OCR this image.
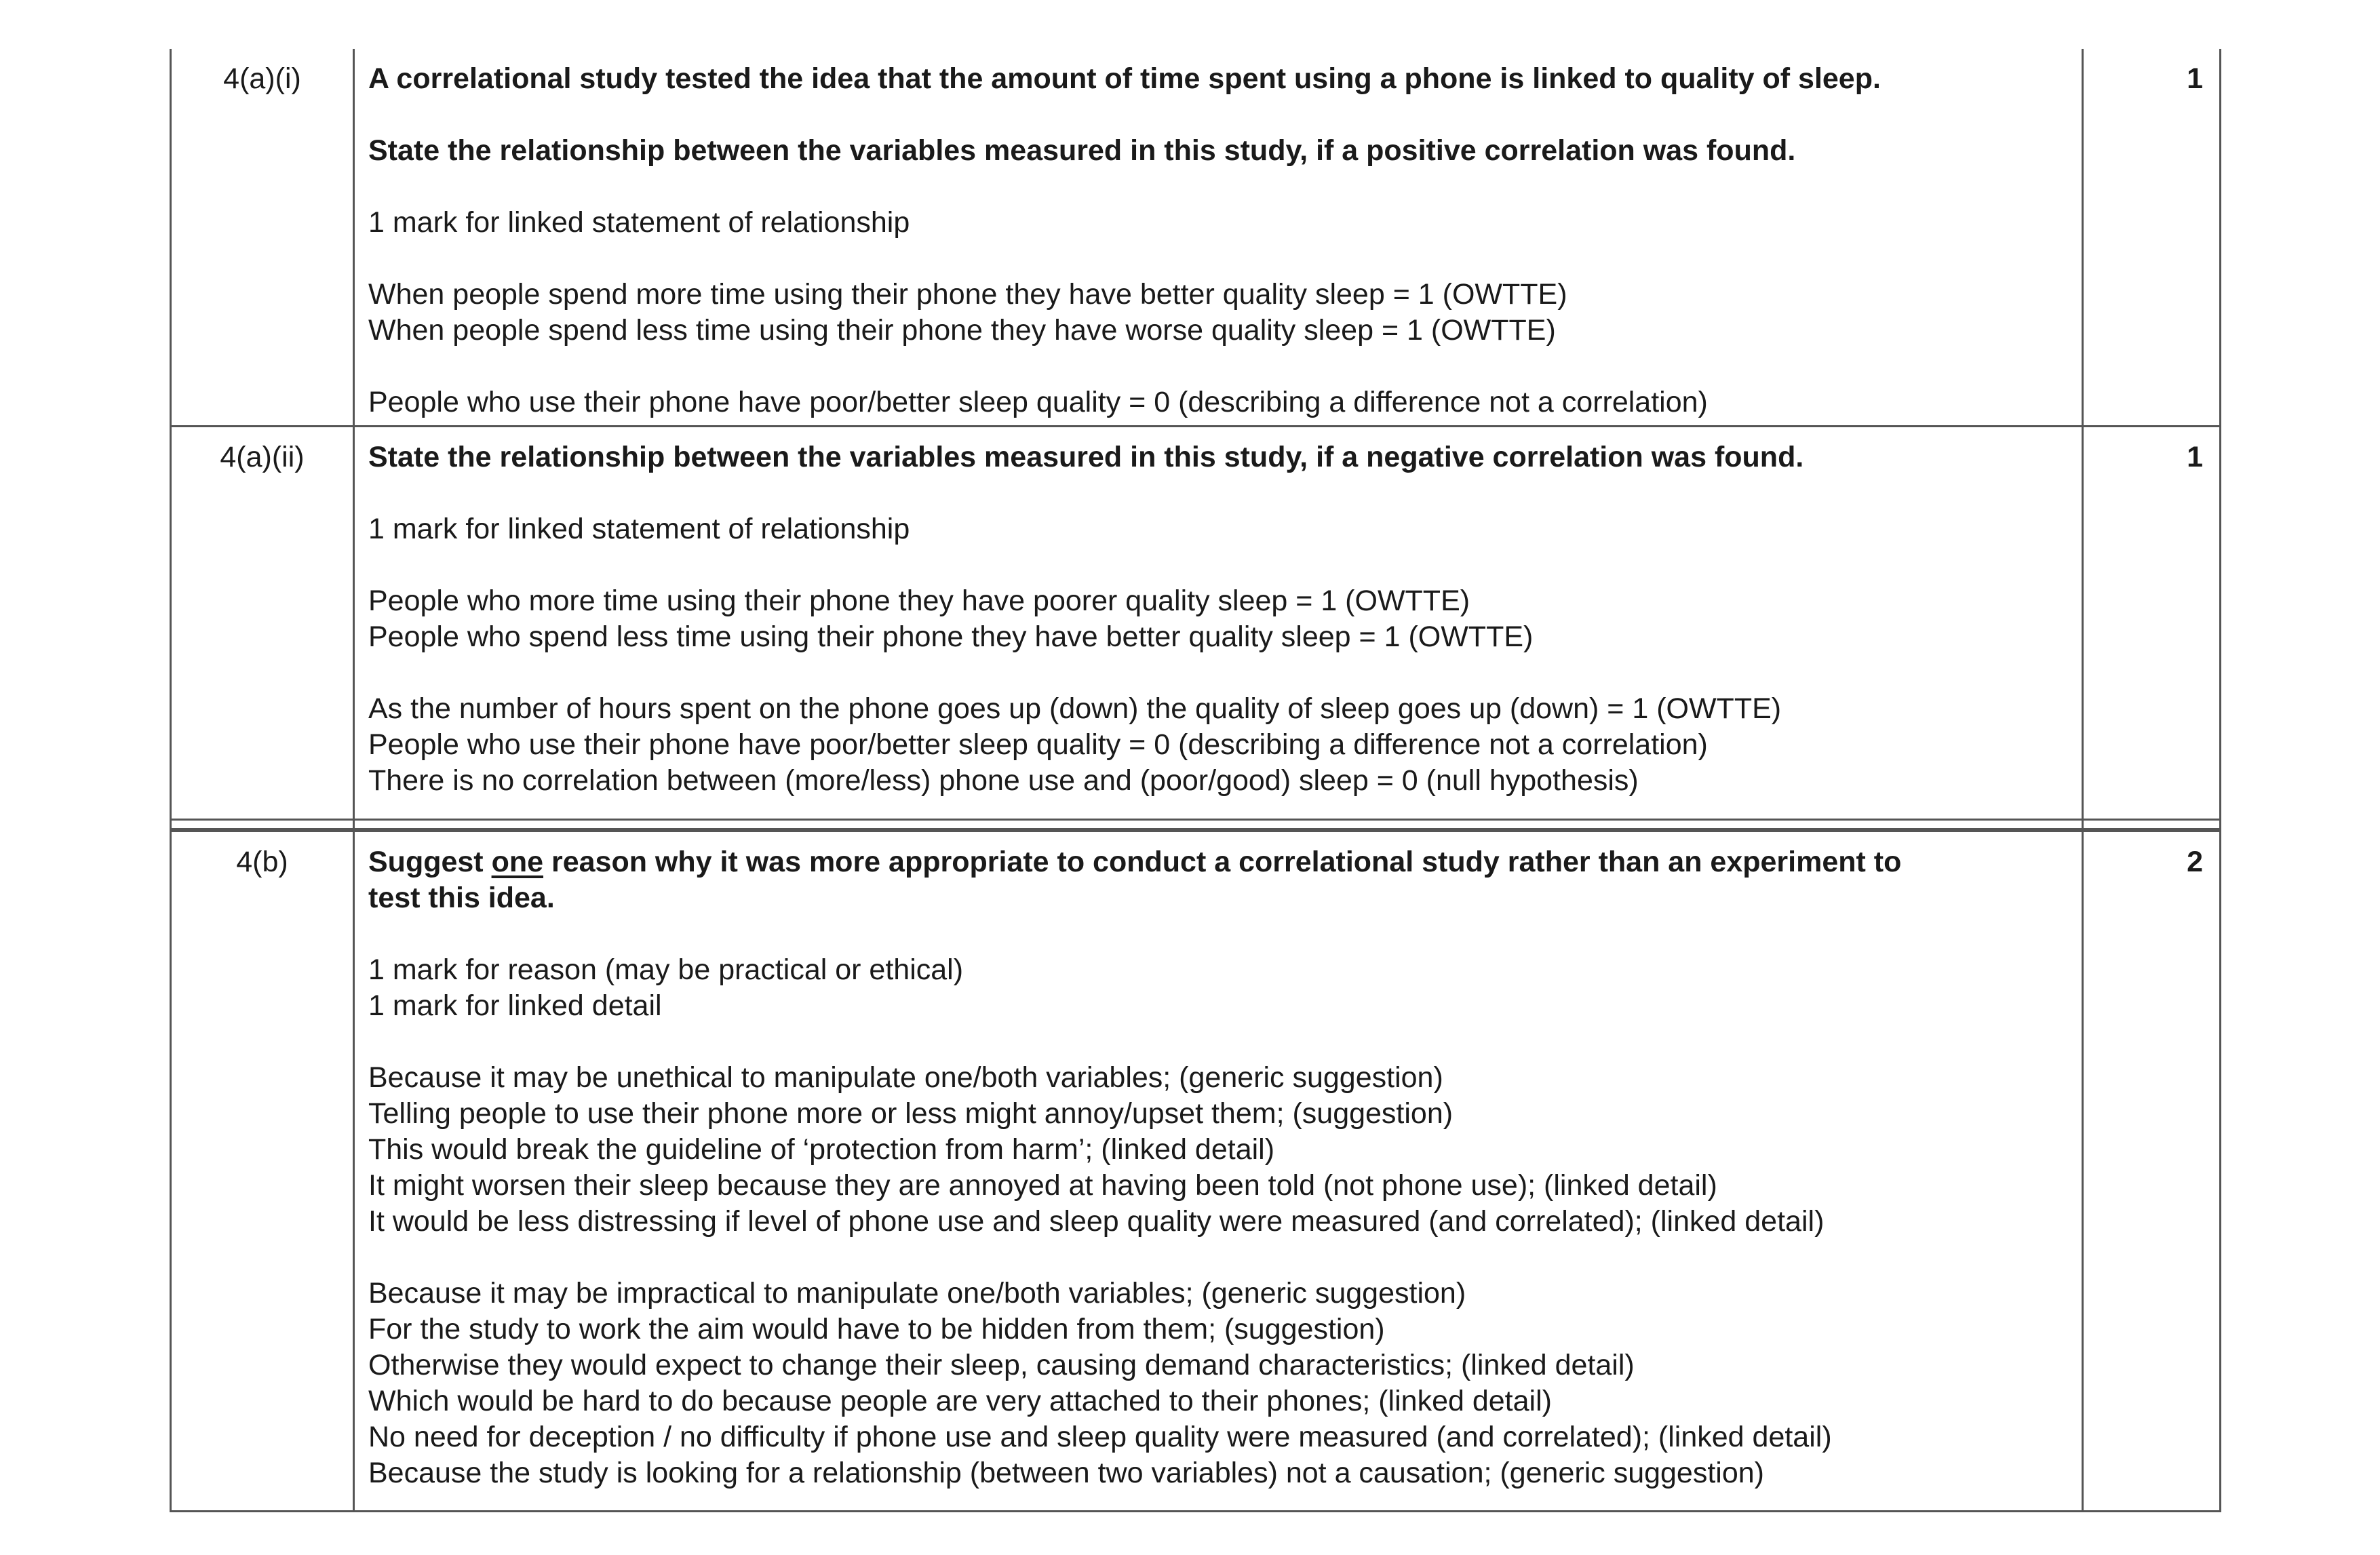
4(a)(i)	A correlational study tested the idea that the amount of time spent using a phone is linked to quality of sleep.
State the relationship between the variables measured in this study, if a positive correlation was found.
1 mark for linked statement of relationship
When people spend more time using their phone they have better quality sleep = 1 (OWTTE)
When people spend less time using their phone they have worse quality sleep = 1 (OWTTE)
People who use their phone have poor/better sleep quality = 0 (describing a difference not a correlation)
1
4(a)(ii)	State the relationship between the variables measured in this study, if a negative correlation was found.
1 mark for linked statement of relationship
People who more time using their phone they have poorer quality sleep = 1 (OWTTE)
People who spend less time using their phone they have better quality sleep = 1 (OWTTE)
As the number of hours spent on the phone goes up (down) the quality of sleep goes up (down) = 1 (OWTTE)
People who use their phone have poor/better sleep quality = 0 (describing a difference not a correlation)
There is no correlation between (more/less) phone use and (poor/good) sleep = 0 (null hypothesis)
1
4(b)	Suggest one reason why it was more appropriate to conduct a correlational study rather than an experiment to
test this idea.
1 mark for reason (may be practical or ethical)
1 mark for linked detail
Because it may be unethical to manipulate one/both variables; (generic suggestion)
Telling people to use their phone more or less might annoy/upset them; (suggestion)
This would break the guideline of ‘protection from harm’; (linked detail)
It might worsen their sleep because they are annoyed at having been told (not phone use); (linked detail)
It would be less distressing if level of phone use and sleep quality were measured (and correlated); (linked detail)
Because it may be impractical to manipulate one/both variables; (generic suggestion)
For the study to work the aim would have to be hidden from them; (suggestion)
Otherwise they would expect to change their sleep, causing demand characteristics; (linked detail)
Which would be hard to do because people are very attached to their phones; (linked detail)
No need for deception / no difficulty if phone use and sleep quality were measured (and correlated); (linked detail)
Because the study is looking for a relationship (between two variables) not a causation; (generic suggestion)
2
